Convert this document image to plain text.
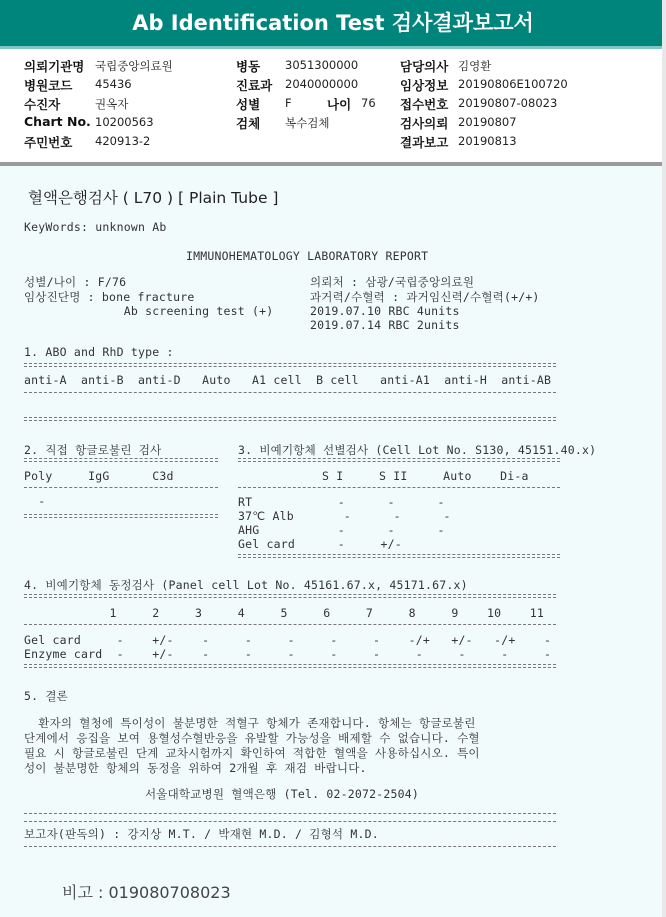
Ab Identification Test 검사결과보고서
의뢰기관명 국립중앙의료원
병원코드 45436
수진자	권옥자
Chart No. 10200563
주민번호 420913-2
병동 3051300000
진료과 2040000000
성별 F	나이 76
검체 복수검체
담당의사 김영환
임상정보 20190806E100720
접수번호 20190807-08023
검사의뢰 20190807
결과보고 20190813
혈액은행검사 ( L70 ) [ Plain Tube ]
KeyWords: unknown Ab
IMMUNOHEMATOLOGY LABORATORY REPORT
성별/나이 : F/76
임상진단명 : bone fracture
Ab screening test (+)
의뢰처 : 삼광/국립중앙의료원
과거력/수혈력 : 과거임신력/수혈력(+/+)
2019.07.10 RBC 4units
2019.07.14 RBC 2units
1. ABO and RhD type :
anti-A  anti-B  anti-D   Auto   A1 cell  B cell   anti-A1  anti-H  anti-AB
2. 직접 항글로불린 검사
Poly     IgG      C3d
-
3. 비예기항체 선별검사 (Cell Lot No. S130, 45151.40.x)
S I     S II     Auto    Di-a
RT            -      -      -
37℃ Alb       -      -      -
AHG           -      -      -
Gel card      -     +/-
4. 비예기항체 동정검사 (Panel cell Lot No. 45161.67.x, 45171.67.x)
1     2     3     4     5     6     7     8     9    10    11
Gel card     -    +/-    -     -     -     -     -    -/+   +/-   -/+    -
Enzyme card  -    +/-    -     -     -     -     -     -     -     -     -
5. 결론
환자의 혈청에 특이성이 불분명한 적혈구 항체가 존재합니다. 항체는 항글로불린
단계에서 응집을 보여 용혈성수혈반응을 유발할 가능성을 배제할 수 없습니다. 수혈
필요 시 항글로불린 단계 교차시험까지 확인하여 적합한 혈액을 사용하십시오. 특이
성이 불분명한 항체의 동정을 위하여 2개월 후 재검 바랍니다.
서울대학교병원 혈액은행 (Tel. 02-2072-2504)
보고자(판독의) : 강지상 M.T. / 박재현 M.D. / 김형석 M.D.
비고 : 019080708023
